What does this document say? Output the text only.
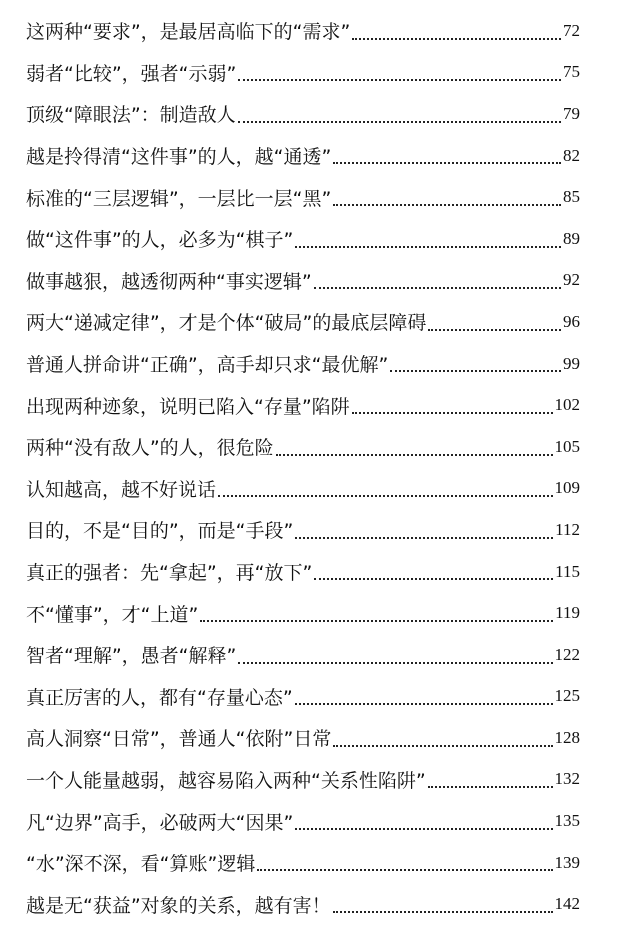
这两种“要求”，是最居高临下的“需求”	72
弱者“比较”，强者“示弱”	75
顶级“障眼法”：制造敌人	79
越是拎得清“这件事”的人，越“通透”	82
标准的“三层逻辑”，一层比一层“黑”	85
做“这件事”的人，必多为“棋子”	89
做事越狠，越透彻两种“事实逻辑”	92
两大“递减定律”，才是个体“破局”的最底层障碍	96
普通人拼命讲“正确”，高手却只求“最优解”	99
出现两种迹象，说明已陷入“存量”陷阱	102
两种“没有敌人”的人，很危险	105
认知越高，越不好说话	109
目的，不是“目的”，而是“手段”	112
真正的强者：先“拿起”，再“放下”	115
不“懂事”，才“上道”	119
智者“理解”，愚者“解释”	122
真正厉害的人，都有“存量心态”	125
高人洞察“日常”，普通人“依附”日常	128
一个人能量越弱，越容易陷入两种“关系性陷阱”	132
凡“边界”高手，必破两大“因果”	135
“水”深不深，看“算账”逻辑	139
越是无“获益”对象的关系，越有害！	142
